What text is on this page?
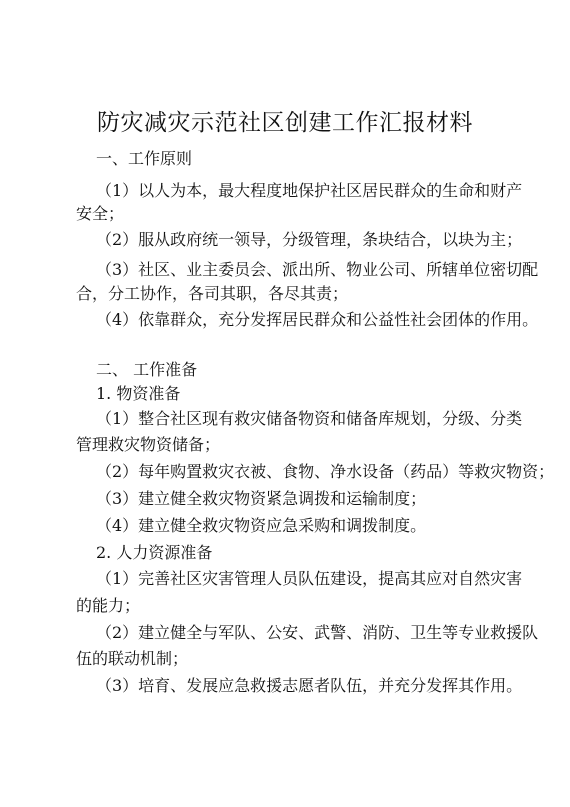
防灾减灾示范社区创建工作汇报材料
一、工作原则
（1）以人为本，最大程度地保护社区居民群众的生命和财产
安全；
（2）服从政府统一领导，分级管理，条块结合，以块为主；
（3）社区、业主委员会、派出所、物业公司、所辖单位密切配
合，分工协作，各司其职，各尽其责；
（4）依靠群众，充分发挥居民群众和公益性社会团体的作用。
二、 工作准备
1. 物资准备
（1）整合社区现有救灾储备物资和储备库规划，分级、分类
管理救灾物资储备；
（2）每年购置救灾衣被、食物、净水设备（药品）等救灾物资；
（3）建立健全救灾物资紧急调拨和运输制度；
（4）建立健全救灾物资应急采购和调拨制度。
2. 人力资源准备
（1）完善社区灾害管理人员队伍建设，提高其应对自然灾害
的能力；
（2）建立健全与军队、公安、武警、消防、卫生等专业救援队
伍的联动机制；
（3）培育、发展应急救援志愿者队伍，并充分发挥其作用。
